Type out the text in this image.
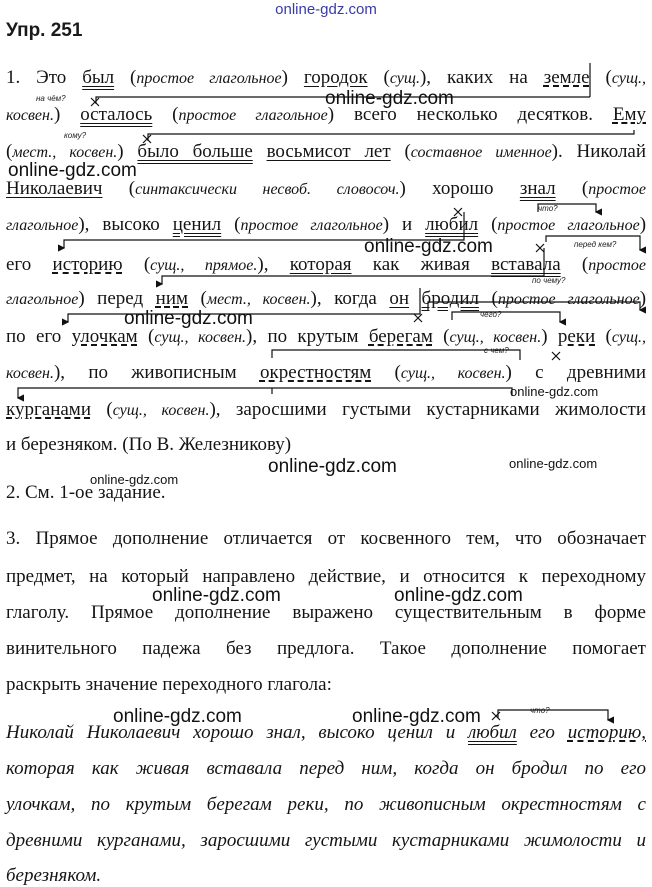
online-gdz.com
Упр. 251
1. Это был (простое глагольное) городок (сущ.), каких на земле (сущ.,
косвен.) осталось (простое глагольное) всего несколько десятков. Ему
(мест., косвен.) было больше восьмисот лет (составное именное). Николай
Николаевич (синтаксически несвоб. словосоч.) хорошо знал (простое
глагольное), высоко ценил (простое глагольное) и любил (простое глагольное)
его историю (сущ., прямое.), которая как живая вставала (простое
глагольное) перед ним (мест., косвен.), когда он бродил (простое глагольное)
по его улочкам (сущ., косвен.), по крутым берегам (сущ., косвен.) реки (сущ.,
косвен.), по живописным окрестностям (сущ., косвен.) с древними
курганами (сущ., косвен.), заросшими густыми кустарниками жимолости
и березняком. (По В. Железникову)
2. См. 1-ое задание.
3. Прямое дополнение отличается от косвенного тем, что обозначает
предмет, на который направлено действие, и относится к переходному
глаголу. Прямое дополнение выражено существительным в форме
винительного падежа без предлога. Такое дополнение помогает
раскрыть значение переходного глагола:
Николай Николаевич хорошо знал, высоко ценил и любил его историю,
которая как живая вставала перед ним, когда он бродил по его
улочкам, по крутым берегам реки, по живописным окрестностям с
древними курганами, заросшими густыми кустарниками жимолости и
березняком.
на чём?
кому?
что?
перед кем?
по чему?
чего?
с чем?
что?
online-gdz.com
online-gdz.com
online-gdz.com
online-gdz.com
online-gdz.com
online-gdz.com	online-gdz.com
online-gdz.com
online-gdz.com	online-gdz.com
online-gdz.com	online-gdz.com
